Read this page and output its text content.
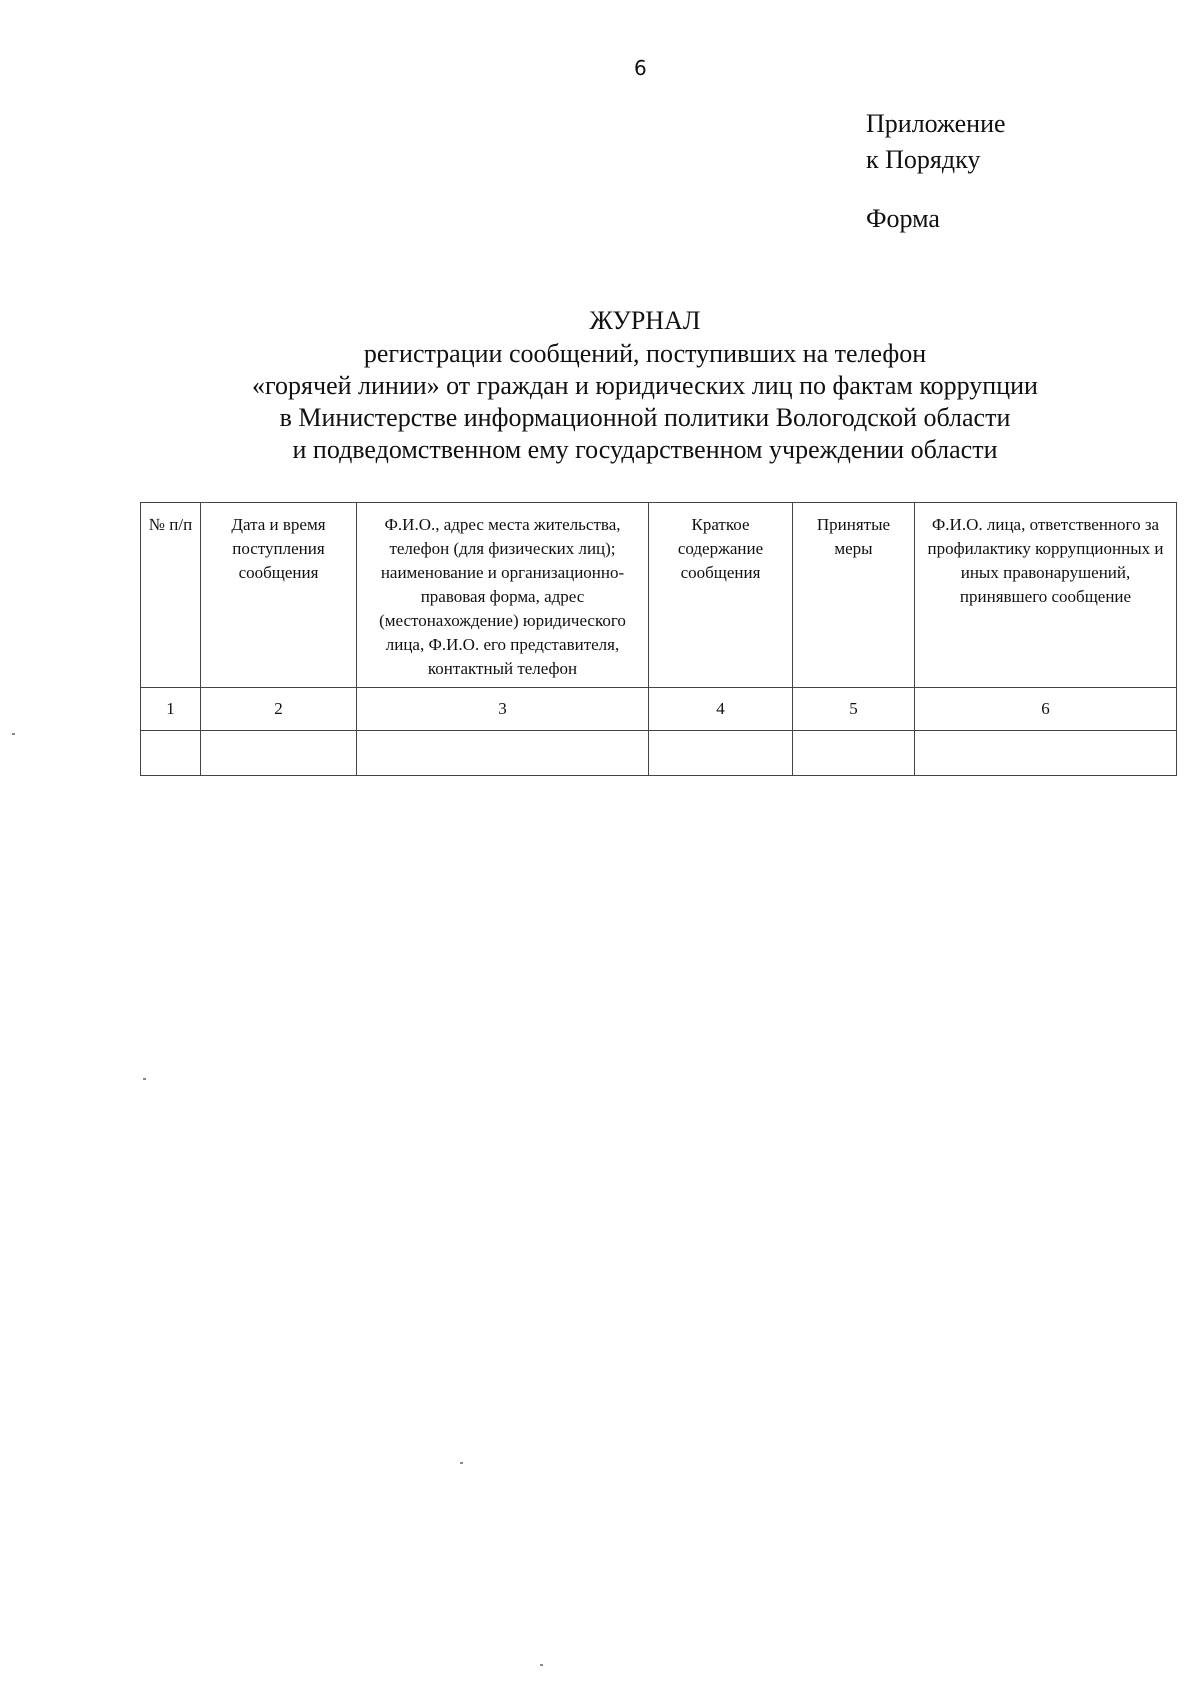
6
Приложение
к Порядку
Форма
ЖУРНАЛ
регистрации сообщений, поступивших на телефон
«горячей линии» от граждан и юридических лиц по фактам коррупции
в Министерстве информационной политики Вологодской области
и подведомственном ему государственном учреждении области
№ п/п	Дата и время поступления сообщения	Ф.И.О., адрес места жительства, телефон (для физических лиц); наименование и организационно-правовая форма, адрес (местонахождение) юридического лица, Ф.И.О. его представителя, контактный телефон	Краткое содержание сообщения	Принятые меры	Ф.И.О. лица, ответственного за профилактику коррупционных и иных правонарушений, принявшего сообщение
1	2	3	4	5	6
